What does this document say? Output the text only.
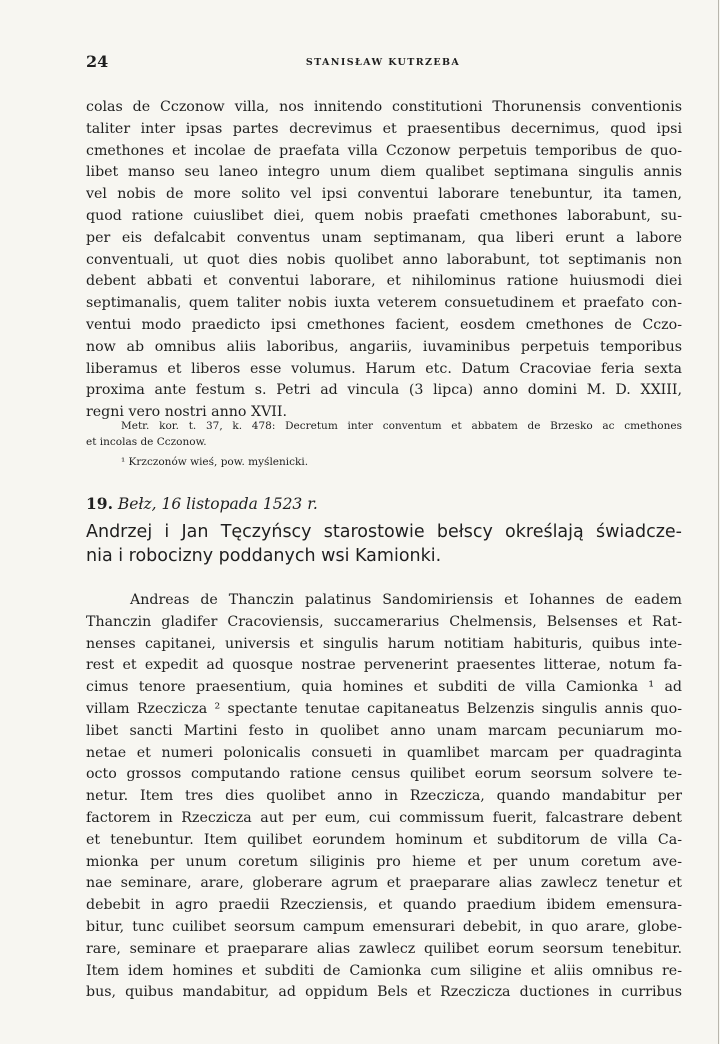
24	STANISŁAW KUTRZEBA
colas de Cczonow villa, nos innitendo constitutioni Thorunensis conventionis
taliter inter ipsas partes decrevimus et praesentibus decernimus, quod ipsi
cmethones et incolae de praefata villa Cczonow perpetuis temporibus de quo-
libet manso seu laneo integro unum diem qualibet septimana singulis annis
vel nobis de more solito vel ipsi conventui laborare tenebuntur, ita tamen,
quod ratione cuiuslibet diei, quem nobis praefati cmethones laborabunt, su-
per eis defalcabit conventus unam septimanam, qua liberi erunt a labore
conventuali, ut quot dies nobis quolibet anno laborabunt, tot septimanis non
debent abbati et conventui laborare, et nihilominus ratione huiusmodi diei
septimanalis, quem taliter nobis iuxta veterem consuetudinem et praefato con-
ventui modo praedicto ipsi cmethones facient, eosdem cmethones de Cczo-
now ab omnibus aliis laboribus, angariis, iuvaminibus perpetuis temporibus
liberamus et liberos esse volumus. Harum etc. Datum Cracoviae feria sexta
proxima ante festum s. Petri ad vincula (3 lipca) anno domini M. D. XXIII,
regni vero nostri anno XVII.
Metr. kor. t. 37, k. 478: Decretum inter conventum et abbatem de Brzesko ac cmethones
et incolas de Cczonow.
¹ Krzczonów wieś, pow. myślenicki.
19. Bełz, 16 listopada 1523 r.
Andrzej i Jan Tęczyńscy starostowie bełscy określają świadcze-
nia i robocizny poddanych wsi Kamionki.
Andreas de Thanczin palatinus Sandomiriensis et Iohannes de eadem
Thanczin gladifer Cracoviensis, succamerarius Chelmensis, Belsenses et Rat-
nenses capitanei, universis et singulis harum notitiam habituris, quibus inte-
rest et expedit ad quosque nostrae pervenerint praesentes litterae, notum fa-
cimus tenore praesentium, quia homines et subditi de villa Camionka ¹ ad
villam Rzeczicza ² spectante tenutae capitaneatus Belzenzis singulis annis quo-
libet sancti Martini festo in quolibet anno unam marcam pecuniarum mo-
netae et numeri polonicalis consueti in quamlibet marcam per quadraginta
octo grossos computando ratione census quilibet eorum seorsum solvere te-
netur. Item tres dies quolibet anno in Rzeczicza, quando mandabitur per
factorem in Rzeczicza aut per eum, cui commissum fuerit, falcastrare debent
et tenebuntur. Item quilibet eorundem hominum et subditorum de villa Ca-
mionka per unum coretum siliginis pro hieme et per unum coretum ave-
nae seminare, arare, globerare agrum et praeparare alias zawlecz tenetur et
debebit in agro praedii Rzecziensis, et quando praedium ibidem emensura-
bitur, tunc cuilibet seorsum campum emensurari debebit, in quo arare, globe-
rare, seminare et praeparare alias zawlecz quilibet eorum seorsum tenebitur.
Item idem homines et subditi de Camionka cum siligine et aliis omnibus re-
bus, quibus mandabitur, ad oppidum Bels et Rzeczicza ductiones in curribus
